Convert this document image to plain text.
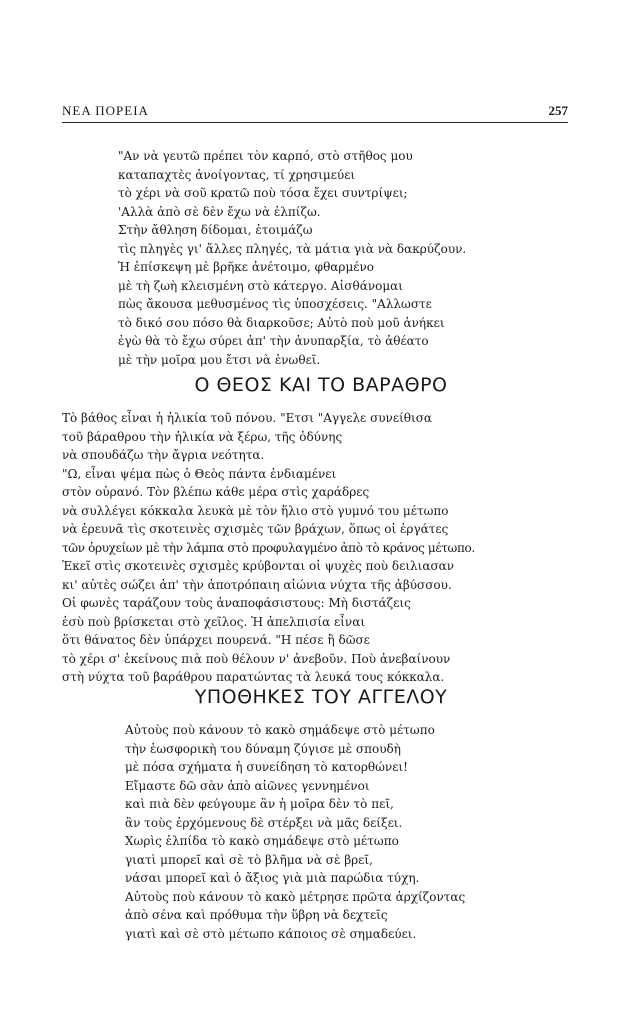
ΝΕΑ ΠΟΡΕΙΑ	257
"Αν νὰ γευτῶ πρέπει τὸν καρπό, στὸ στῆθος μου
καταπαχτὲς ἀνοίγοντας, τί χρησιμεύει
τὸ χέρι νὰ σοῦ κρατῶ ποὺ τόσα ἔχει συντρίψει;
'Αλλὰ ἀπὸ σὲ δὲν ἔχω νὰ ἐλπίζω.
Στὴν ἄθληση δίδομαι, ἑτοιμάζω
τὶς πληγὲς γι' ἄλλες πληγές, τὰ μάτια γιὰ νὰ δακρύζουν.
Ἡ ἐπίσκεψη μὲ βρῆκε ἀνέτοιμο, φθαρμένο
μὲ τὴ ζωὴ κλεισμένη στὸ κάτεργο. Αἰσθάνομαι
πὼς ἄκουσα μεθυσμένος τὶς ὑποσχέσεις. "Αλλωστε
τὸ δικό σου πόσο θὰ διαρκοῦσε; Αὐτὸ ποὺ μοῦ ἀνήκει
ἐγὼ θὰ τὸ ἔχω σύρει ἀπ' τὴν ἀνυπαρξία, τὸ ἀθέατο
μὲ τὴν μοῖρα μου ἔτσι νὰ ἑνωθεῖ.
Ο ΘΕΟΣ ΚΑΙ ΤΟ ΒΑΡΑΘΡΟ
Τὸ βάθος εἶναι ἡ ἡλικία τοῦ πόνου. "Ετσι "Αγγελε συνείθισα
τοῦ βάραθρου τὴν ἡλικία νὰ ξέρω, τῆς ὀδύνης
νὰ σπουδάζω τὴν ἄγρια νεότητα.
"Ω, εἶναι ψέμα πὼς ὁ Θεὸς πάντα ἐνδιαμένει
στὸν οὐρανό. Τὸν βλέπω κάθε μέρα στὶς χαράδρες
νὰ συλλέγει κόκκαλα λευκὰ μὲ τὸν ἥλιο στὸ γυμνό του μέτωπο
νὰ ἐρευνᾶ τὶς σκοτεινὲς σχισμὲς τῶν βράχων, ὅπως οἱ ἐργάτες
τῶν ὀρυχείων μὲ τὴν λάμπα στὸ προφυλαγμένο ἀπὸ τὸ κράνος μέτωπο.
Ἐκεῖ στὶς σκοτεινὲς σχισμὲς κρύβονται οἱ ψυχὲς ποὺ δειλιασαν
κι' αὐτὲς σώζει ἀπ' τὴν ἀποτρόπαιη αἰώνια νύχτα τῆς ἀβύσσου.
Οἱ φωνὲς ταράζουν τοὺς ἀναποφάσιστους: Μὴ διστάζεις
ἐσὺ ποὺ βρίσκεται στὸ χεῖλος. Ἡ ἀπελπισία εἶναι
ὅτι θάνατος δὲν ὑπάρχει πουρενά. "Η πέσε ἢ δῶσε
τὸ χέρι σ' ἐκείνους πιὰ ποὺ θέλουν ν' ἀνεβοῦν. Ποὺ ἀνεβαίνουν
στὴ νύχτα τοῦ βαράθρου παρατώντας τὰ λευκά τους κόκκαλα.
ΥΠΟΘΗΚΕΣ ΤΟΥ ΑΓΓΕΛΟΥ
Αὐτοὺς ποὺ κάνουν τὸ κακὸ σημάδεψε στὸ μέτωπο
τὴν ἑωσφορικὴ του δύναμη ζύγισε μὲ σπουδὴ
μὲ πόσα σχήματα ἡ συνείδηση τὸ κατορθώνει!
Εἴμαστε δῶ σὰν ἀπὸ αἰῶνες γεννημένοι
καὶ πιὰ δὲν φεύγουμε ἂν ἡ μοῖρα δὲν τὸ πεῖ,
ἂν τοὺς ἐρχόμενους δὲ στέρξει νὰ μᾶς δείξει.
Χωρὶς ἐλπίδα τὸ κακὸ σημάδεψε στὸ μέτωπο
γιατὶ μπορεῖ καὶ σὲ τὸ βλῆμα νὰ σὲ βρεῖ,
νάσαι μπορεῖ καὶ ὁ ἄξιος γιὰ μιὰ παρώδια τύχη.
Αὐτοὺς ποὺ κάνουν τὸ κακὸ μέτρησε πρῶτα ἀρχίζοντας
ἀπὸ σένα καὶ πρόθυμα τὴν ὕβρη νὰ δεχτεῖς
γιατὶ καὶ σὲ στὸ μέτωπο κάποιος σὲ σημαδεύει.
